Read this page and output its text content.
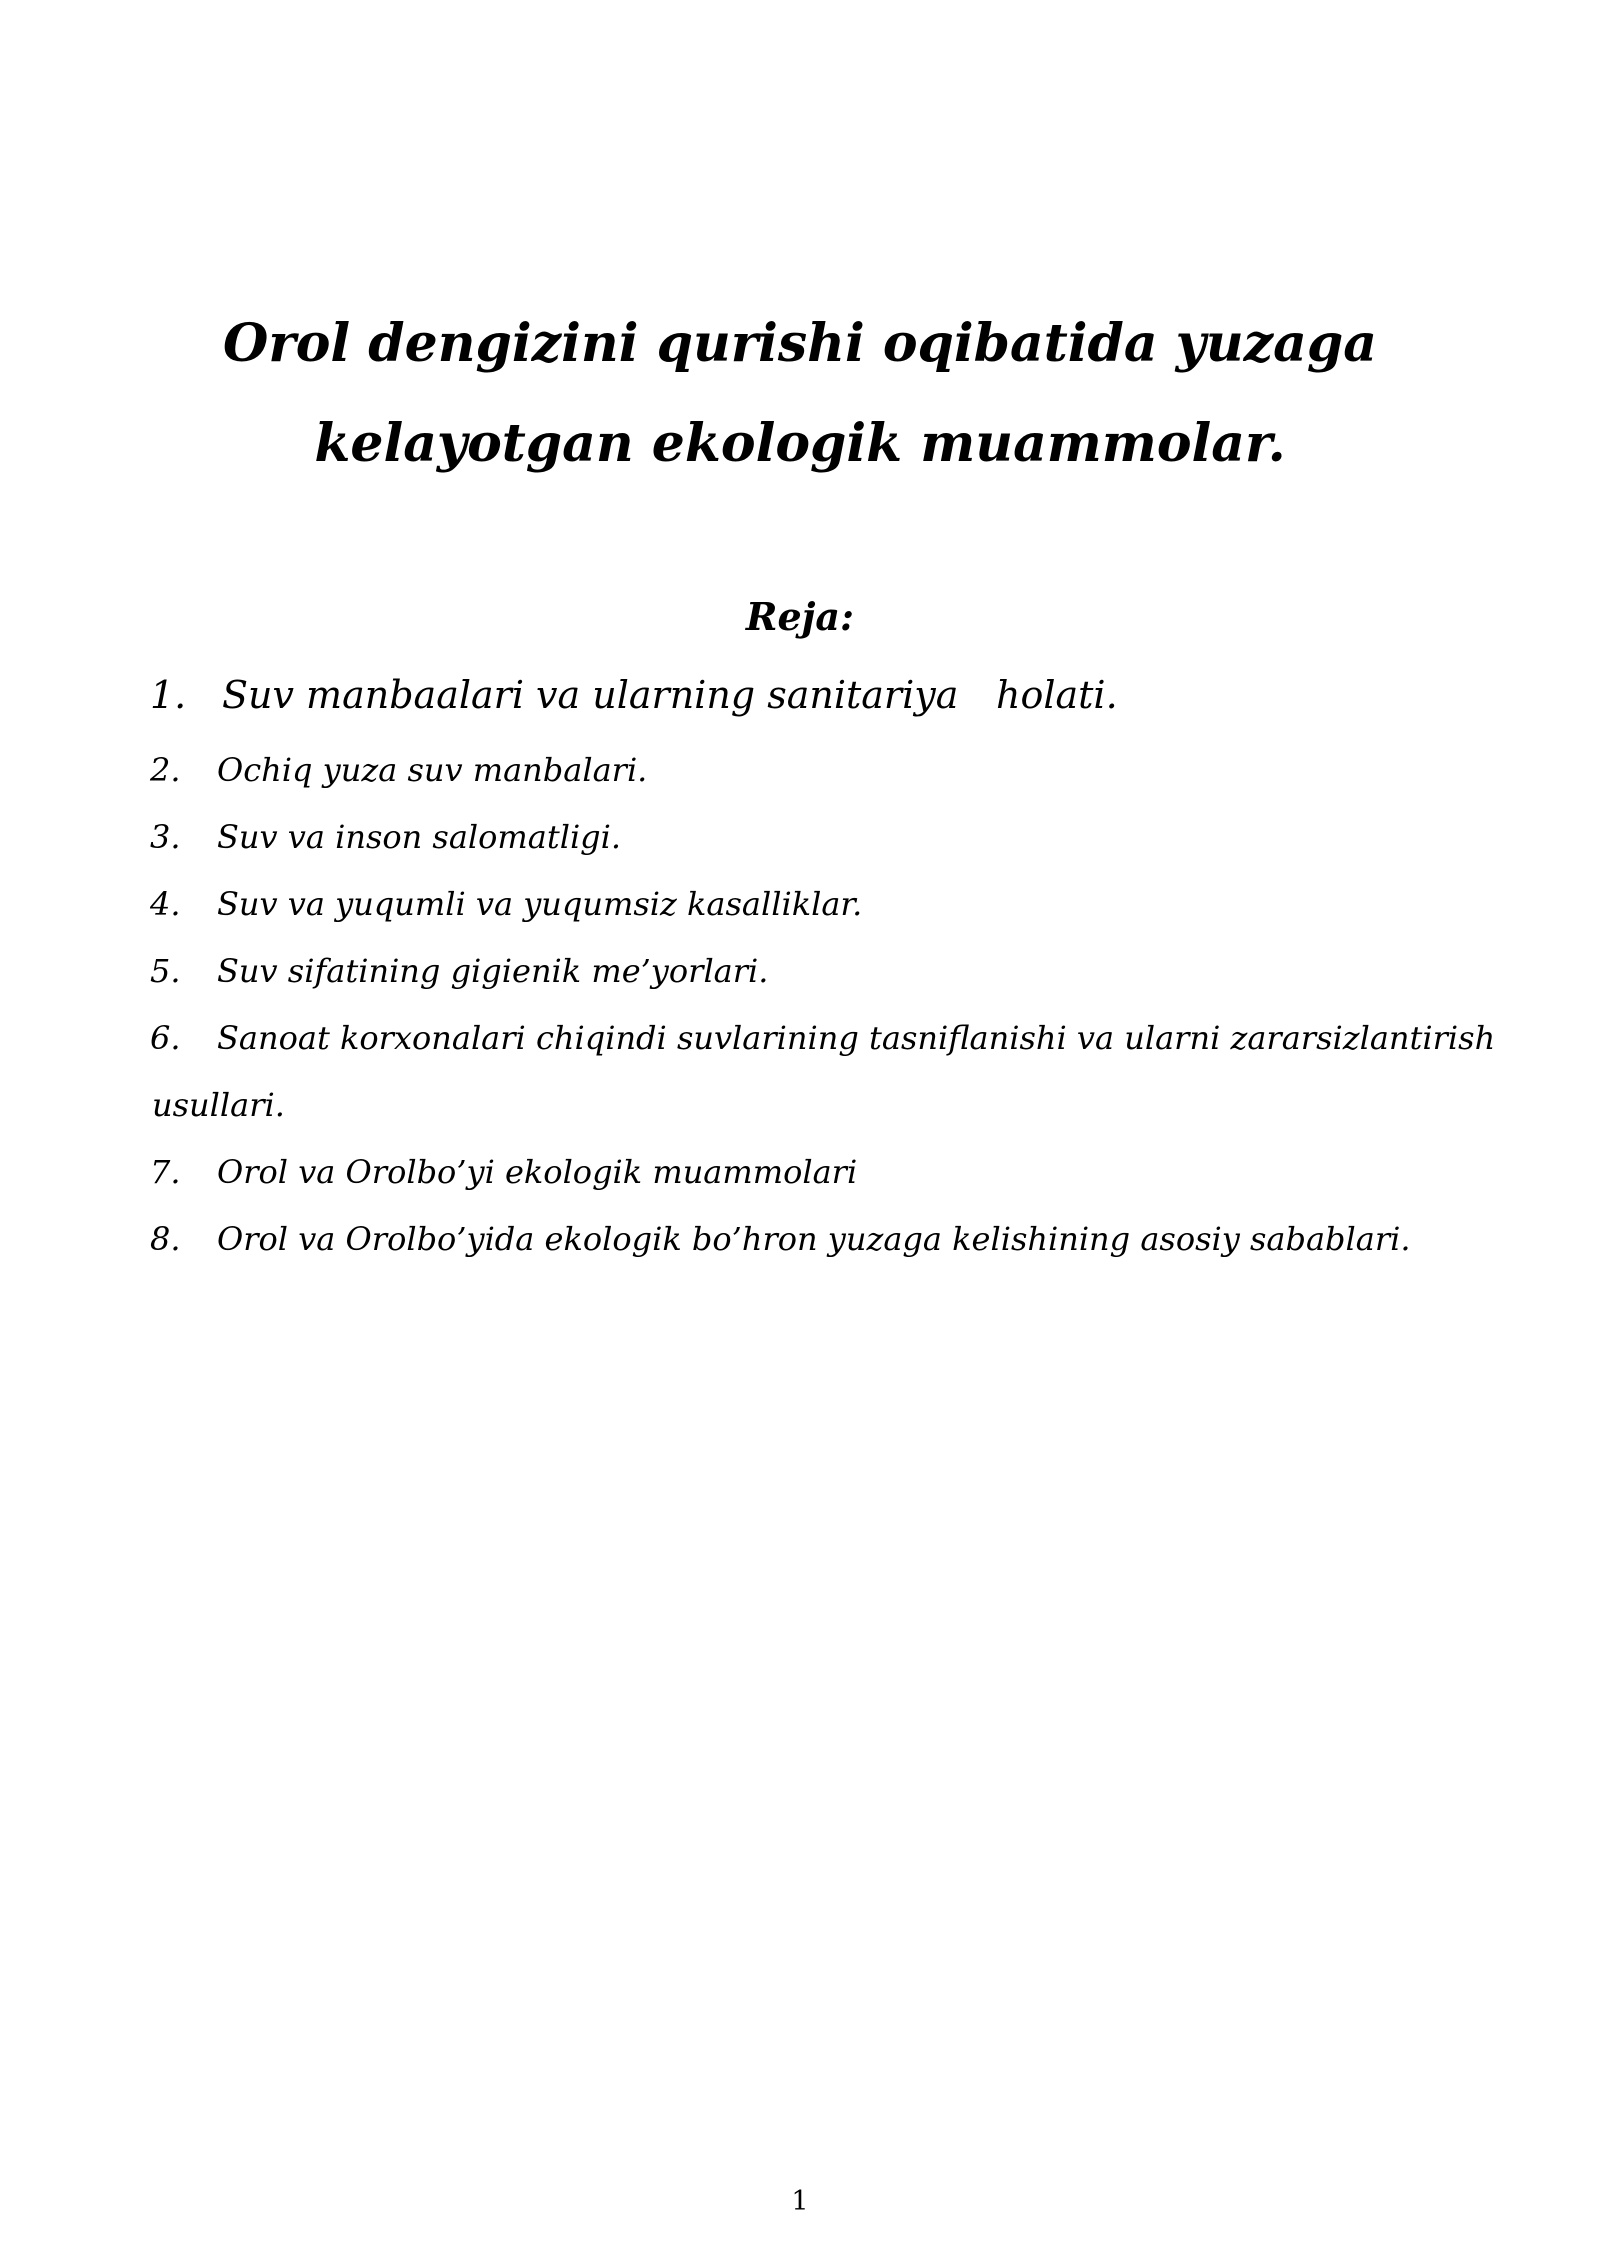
Orol dengizini qurishi oqibatida yuzaga
kelayotgan ekologik muammolar.
Reja:
1. Suv manbaalari va ularning sanitariya holati.
2. Ochiq yuza suv manbalari.
3. Suv va inson salomatligi.
4. Suv va yuqumli va yuqumsiz kasalliklar.
5. Suv sifatining gigienik me’yorlari.
6. Sanoat korxonalari chiqindi suvlarining tasniflanishi va ularni zararsizlantirish
usullari.
7. Orol va Orolbo’yi ekologik muammolari
8. Orol va Orolbo’yida ekologik bo’hron yuzaga kelishining asosiy sabablari.
1
